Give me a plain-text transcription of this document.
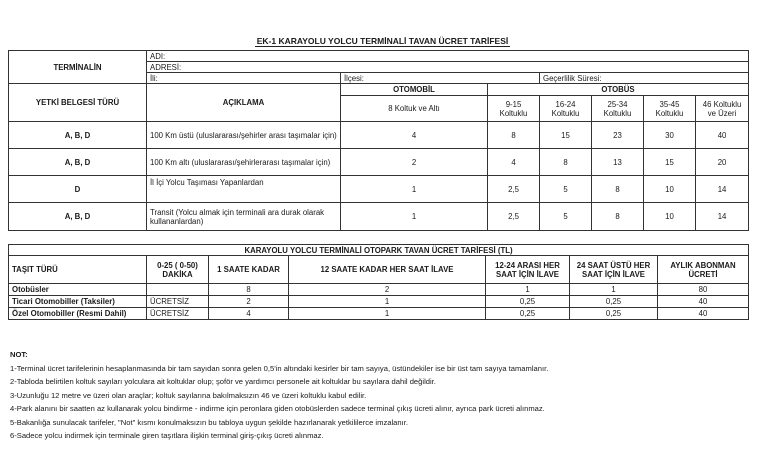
EK-1 KARAYOLU YOLCU TERMİNALİ TAVAN ÜCRET TARİFESİ
TERMİNALİN	ADI:						
	ADRESİ:						
	İli:	İlçesi:		Geçerlilik Süresi:			
YETKİ BELGESİ TÜRÜ	AÇIKLAMA	OTOMOBİL	OTOBÜS				
		8 Koltuk ve Altı	9-15 Koltuklu	16-24 Koltuklu	25-34 Koltuklu	35-45 Koltuklu	46 Koltuklu ve Üzeri
A, B, D	100 Km üstü (uluslararası/şehirler arası taşımalar için)	4	8	15	23	30	40
A, B, D	100 Km altı (uluslararası/şehirlerarası taşımalar için)	2	4	8	13	15	20
D	İl İçi Yolcu Taşıması Yapanlardan	1	2,5	5	8	10	14
A, B, D	Transit (Yolcu almak için terminali ara durak olarak kullananlardan)	1	2,5	5	8	10	14
KARAYOLU YOLCU TERMİNALİ OTOPARK TAVAN ÜCRET TARİFESİ (TL)						
TAŞIT TÜRÜ	0-25 ( 0-50) DAKİKA	1 SAATE KADAR	12 SAATE KADAR HER SAAT İLAVE	12-24 ARASI HER SAAT İÇİN İLAVE	24 SAAT ÜSTÜ HER SAAT İÇİN İLAVE	AYLIK ABONMAN ÜCRETİ
Otobüsler		8	2	1	1	80
Ticari Otomobiller (Taksiler)	ÜCRETSİZ	2	1	0,25	0,25	40
Özel Otomobiller (Resmi Dahil)	ÜCRETSİZ	4	1	0,25	0,25	40
NOT:
1-Terminal ücret tarifelerinin hesaplanmasında bir tam sayıdan sonra gelen 0,5'in altındaki kesirler bir tam sayıya, üstündekiler ise bir üst tam sayıya tamamlanır.
2-Tabloda belirtilen koltuk sayıları yolculara ait koltuklar olup; şoför ve yardımcı personele ait koltuklar bu sayılara dahil değildir.
3-Uzunluğu 12 metre ve üzeri olan araçlar; koltuk sayılarına bakılmaksızın 46 ve üzeri koltuklu kabul edilir.
4-Park alanını bir saatten az kullanarak yolcu bindirme - indirme için peronlara giden otobüslerden sadece terminal çıkış ücreti alınır, ayrıca park ücreti alınmaz.
5-Bakanlığa sunulacak tarifeler, "Not" kısmı konulmaksızın bu tabloya uygun şekilde hazırlanarak yetkililerce imzalanır.
6-Sadece yolcu indirmek için terminale giren taşıtlara ilişkin terminal giriş-çıkış ücreti alınmaz.
